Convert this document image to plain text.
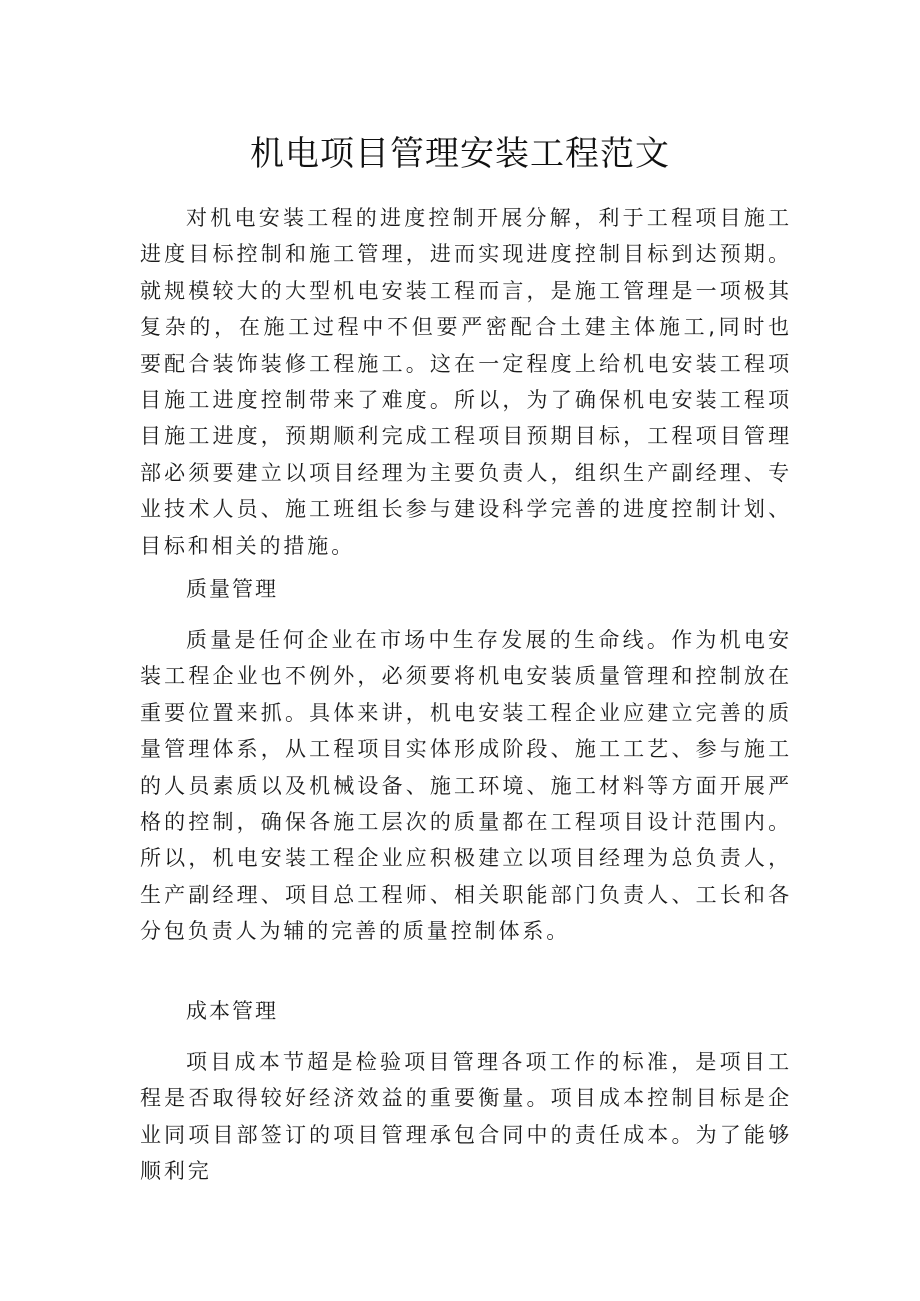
机电项目管理安装工程范文

对机电安装工程的进度控制开展分解，利于工程项目施工进度目标控制和施工管理，进而实现进度控制目标到达预期。就规模较大的大型机电安装工程而言，是施工管理是一项极其复杂的，在施工过程中不但要严密配合土建主体施工,同时也要配合装饰装修工程施工。这在一定程度上给机电安装工程项目施工进度控制带来了难度。所以，为了确保机电安装工程项目施工进度，预期顺利完成工程项目预期目标，工程项目管理部必须要建立以项目经理为主要负责人，组织生产副经理、专业技术人员、施工班组长参与建设科学完善的进度控制计划、目标和相关的措施。

质量管理

质量是任何企业在市场中生存发展的生命线。作为机电安装工程企业也不例外，必须要将机电安装质量管理和控制放在重要位置来抓。具体来讲，机电安装工程企业应建立完善的质量管理体系，从工程项目实体形成阶段、施工工艺、参与施工的人员素质以及机械设备、施工环境、施工材料等方面开展严格的控制，确保各施工层次的质量都在工程项目设计范围内。所以，机电安装工程企业应积极建立以项目经理为总负责人，生产副经理、项目总工程师、相关职能部门负责人、工长和各分包负责人为辅的完善的质量控制体系。

成本管理

项目成本节超是检验项目管理各项工作的标准，是项目工程是否取得较好经济效益的重要衡量。项目成本控制目标是企业同项目部签订的项目管理承包合同中的责任成本。为了能够顺利完
